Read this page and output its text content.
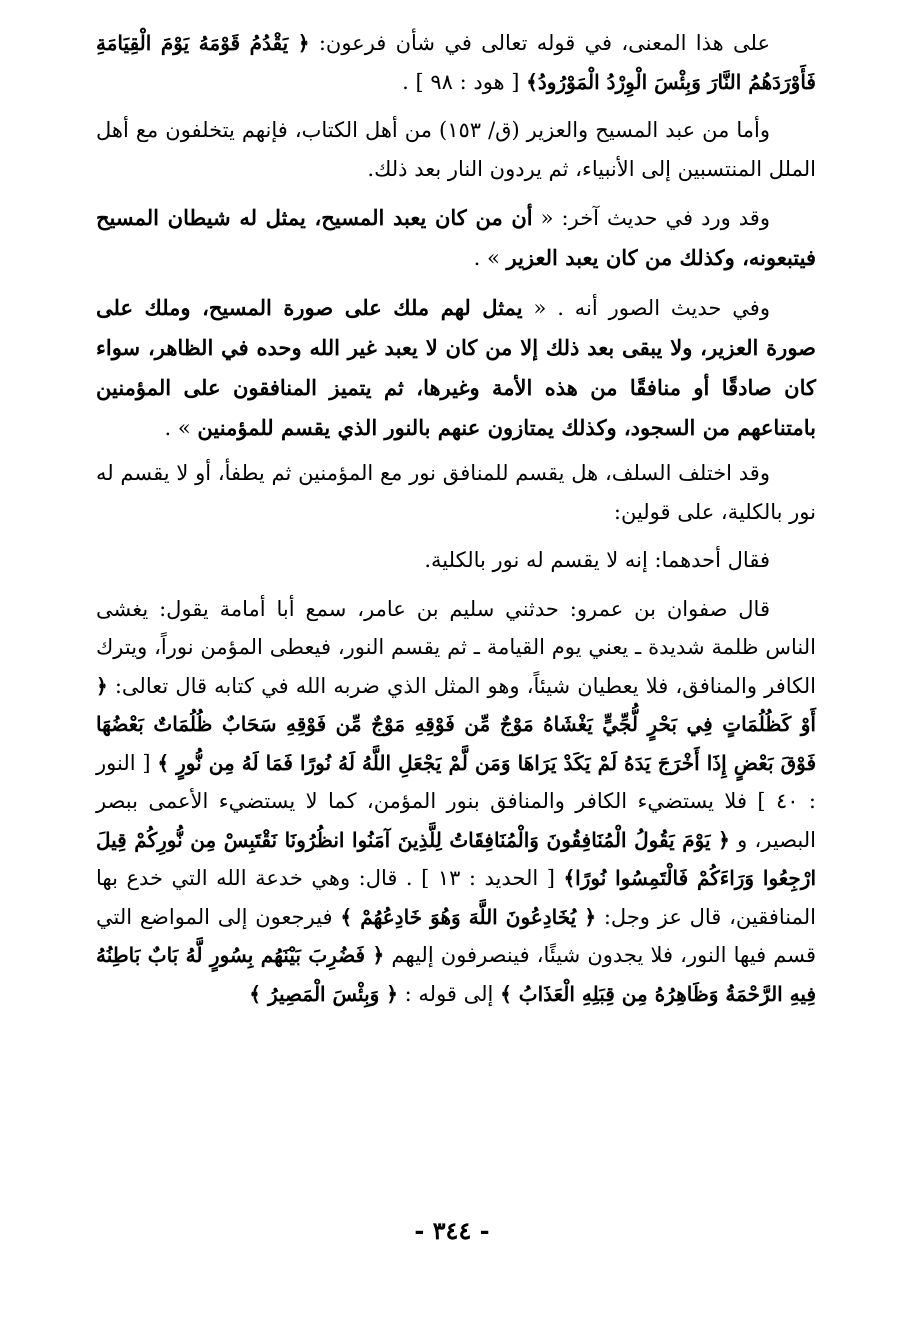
على هذا المعنى، في قوله تعالى في شأن فرعون: ﴿ يَقْدُمُ قَوْمَهُ يَوْمَ الْقِيَامَةِ فَأَوْرَدَهُمُ النَّارَ وَبِئْسَ الْوِرْدُ الْمَوْرُودُ﴾ [ هود : ٩٨ ] .

وأما من عبد المسيح والعزير (ق/ ١٥٣) من أهل الكتاب، فإنهم يتخلفون مع أهل الملل المنتسبين إلى الأنبياء، ثم يردون النار بعد ذلك.

وقد ورد في حديث آخر: « أن من كان يعبد المسيح، يمثل له شيطان المسيح فيتبعونه، وكذلك من كان يعبد العزير » .

وفي حديث الصور أنه . « يمثل لهم ملك على صورة المسيح، وملك على صورة العزير، ولا يبقى بعد ذلك إلا من كان لا يعبد غير الله وحده في الظاهر، سواء كان صادقًا أو منافقًا من هذه الأمة وغيرها، ثم يتميز المنافقون على المؤمنين بامتناعهم من السجود، وكذلك يمتازون عنهم بالنور الذي يقسم للمؤمنين » .

وقد اختلف السلف، هل يقسم للمنافق نور مع المؤمنين ثم يطفأ، أو لا يقسم له نور بالكلية، على قولين:

فقال أحدهما: إنه لا يقسم له نور بالكلية.

قال صفوان بن عمرو: حدثني سليم بن عامر، سمع أبا أمامة يقول: يغشى الناس ظلمة شديدة ـ يعني يوم القيامة ـ ثم يقسم النور، فيعطى المؤمن نوراً، ويترك الكافر والمنافق، فلا يعطيان شيئاً، وهو المثل الذي ضربه الله في كتابه قال تعالى: ﴿ أَوْ كَظُلُمَاتٍ فِي بَحْرٍ لُّجِّيٍّ يَغْشَاهُ مَوْجٌ مِّن فَوْقِهِ مَوْجٌ مِّن فَوْقِهِ سَحَابٌ ظُلُمَاتٌ بَعْضُهَا فَوْقَ بَعْضٍ إِذَا أَخْرَجَ يَدَهُ لَمْ يَكَدْ يَرَاهَا وَمَن لَّمْ يَجْعَلِ اللَّهُ لَهُ نُورًا فَمَا لَهُ مِن نُّورٍ ﴾ [ النور : ٤٠ ] فلا يستضيء الكافر والمنافق بنور المؤمن، كما لا يستضيء الأعمى ببصر البصير، و ﴿ يَوْمَ يَقُولُ الْمُنَافِقُونَ وَالْمُنَافِقَاتُ لِلَّذِينَ آمَنُوا انظُرُونَا نَقْتَبِسْ مِن نُّورِكُمْ قِيلَ ارْجِعُوا وَرَاءَكُمْ فَالْتَمِسُوا نُورًا﴾ [ الحديد : ١٣ ] . قال: وهي خدعة الله التي خدع بها المنافقين، قال عز وجل: ﴿ يُخَادِعُونَ اللَّهَ وَهُوَ خَادِعُهُمْ ﴾ فيرجعون إلى المواضع التي قسم فيها النور، فلا يجدون شيئًا، فينصرفون إليهم ﴿ فَضُرِبَ بَيْنَهُم بِسُورٍ لَّهُ بَابٌ بَاطِنُهُ فِيهِ الرَّحْمَةُ وَظَاهِرُهُ مِن قِبَلِهِ الْعَذَابُ ﴾ إلى قوله : ﴿ وَبِئْسَ الْمَصِيرُ ﴾

- ٣٤٤ -
